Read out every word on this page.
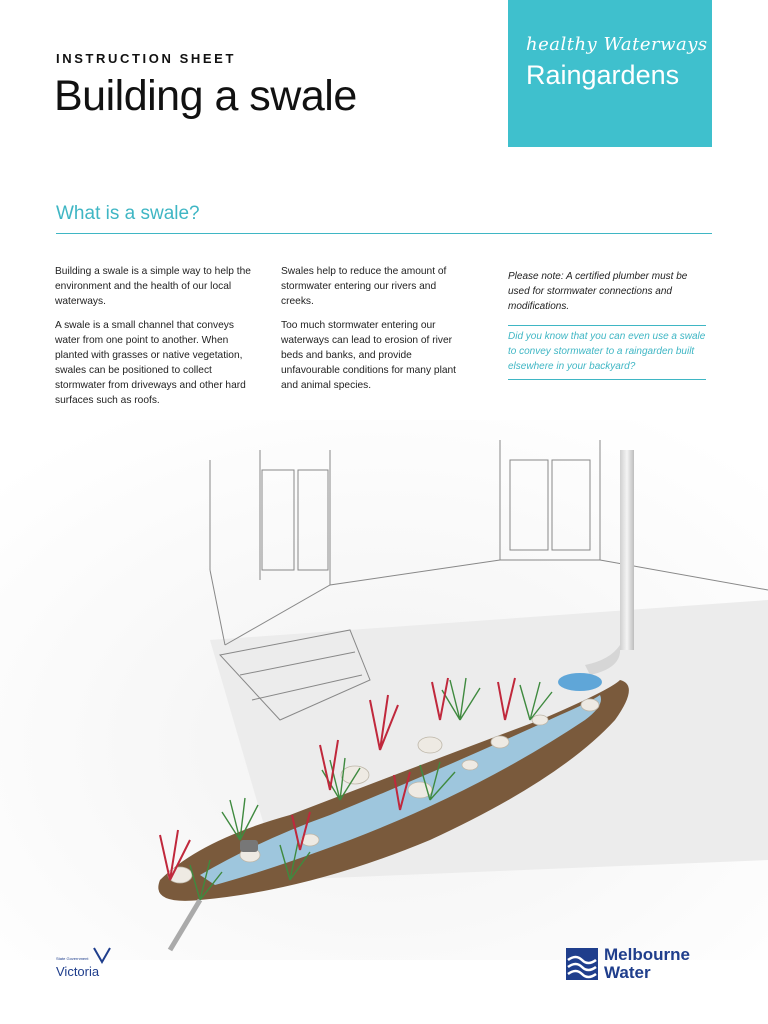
INSTRUCTION SHEET
Building a swale
healthy Waterways
Raingardens
What is a swale?

Building a swale is a simple way to help the environment and the health of our local waterways.

A swale is a small channel that conveys water from one point to another. When planted with grasses or native vegetation, swales can be positioned to collect stormwater from driveways and other hard surfaces such as roofs.

Swales help to reduce the amount of stormwater entering our rivers and creeks.

Too much stormwater entering our waterways can lead to erosion of river beds and banks, and provide unfavourable conditions for many plant and animal species.

Please note: A certified plumber must be used for stormwater connections and modifications.
Did you know that you can even use a swale to convey stormwater to a raingarden built elsewhere in your backyard?
State Government
Victoria
Melbourne
Water
